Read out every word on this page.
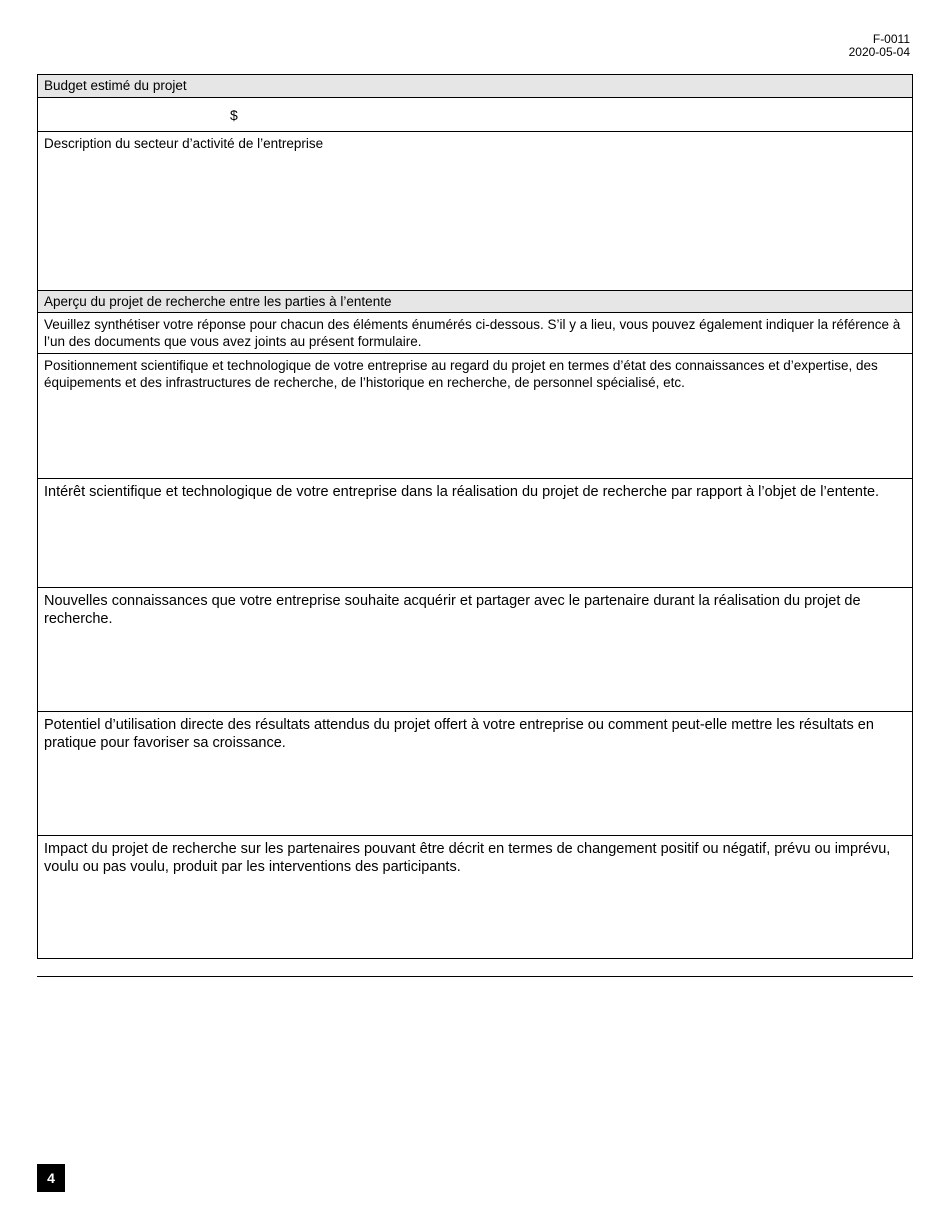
F-0011
2020-05-04
Budget estimé du projet
$
Description du secteur d’activité de l’entreprise
Aperçu du projet de recherche entre les parties à l’entente
Veuillez synthétiser votre réponse pour chacun des éléments énumérés ci-dessous. S’il y a lieu, vous pouvez également indiquer la référence à l’un des documents que vous avez joints au présent formulaire.
Positionnement scientifique et technologique de votre entreprise au regard du projet en termes d’état des connaissances et d’expertise, des équipements et des infrastructures de recherche, de l’historique en recherche, de personnel spécialisé, etc.
Intérêt scientifique et technologique de votre entreprise dans la réalisation du projet de recherche par rapport à l’objet de l’entente.
Nouvelles connaissances que votre entreprise souhaite acquérir et partager avec le partenaire durant la réalisation du projet de recherche.
Potentiel d’utilisation directe des résultats attendus du projet offert à votre entreprise ou comment peut-elle mettre les résultats en pratique pour favoriser sa croissance.
Impact du projet de recherche sur les partenaires pouvant être décrit en termes de changement positif ou négatif, prévu ou imprévu, voulu ou pas voulu, produit par les interventions des participants.
4
